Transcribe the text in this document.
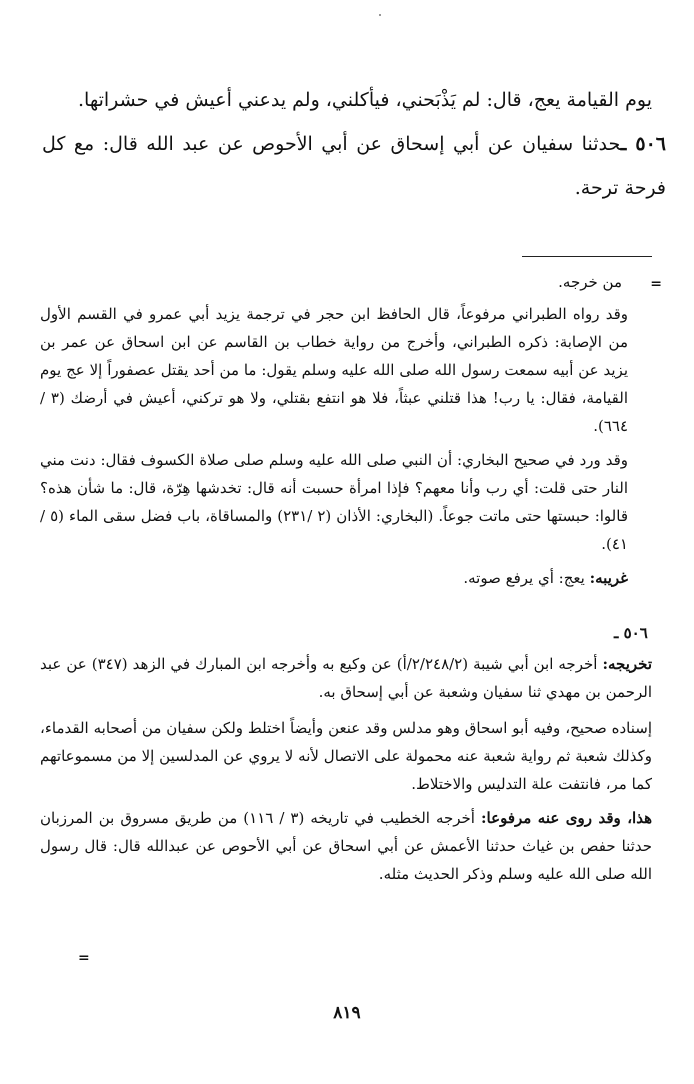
يوم القيامة يعج، قال: لم يَذْبَحني، فيأكلني، ولم يدعني أعيش في حشراتها.

٥٠٦ ـحدثنا سفيان عن أبي إسحاق عن أبي الأحوص عن عبد الله قال: مع كل فرحة ترحة.

=

من خرجه.

وقد رواه الطبراني مرفوعاً، قال الحافظ ابن حجر في ترجمة يزيد أبي عمرو في القسم الأول من الإصابة: ذكره الطبراني، وأخرج من رواية خطاب بن القاسم عن ابن اسحاق عن عمر بن يزيد عن أبيه سمعت رسول الله صلى الله عليه وسلم يقول: ما من أحد يقتل عصفوراً إلا عج يوم القيامة، فقال: يا رب! هذا قتلني عبثاً، فلا هو انتفع بقتلي، ولا هو تركني، أعيش في أرضك (٣ / ٦٦٤).

وقد ورد في صحيح البخاري: أن النبي صلى الله عليه وسلم صلى صلاة الكسوف فقال: دنت مني النار حتى قلت: أي رب وأنا معهم؟ فإذا امرأة حسبت أنه قال: تخدشها هِرّة، قال: ما شأن هذه؟ قالوا: حبستها حتى ماتت جوعاً. (البخاري: الأذان (٢ /٢٣١) والمساقاة، باب فضل سقى الماء (٥ /٤١).

غريبه: يعج: أي يرفع صوته.

٥٠٦ ـ

تخريجه: أخرجه ابن أبي شيبة (٢/٢٤٨/٢/أ) عن وكيع به وأخرجه ابن المبارك في الزهد (٣٤٧) عن عبد الرحمن بن مهدي ثنا سفيان وشعبة عن أبي إسحاق به.

إسناده صحيح، وفيه أبو اسحاق وهو مدلس وقد عنعن وأيضاً اختلط ولكن سفيان من أصحابه القدماء، وكذلك شعبة ثم رواية شعبة عنه محمولة على الاتصال لأنه لا يروي عن المدلسين إلا من مسموعاتهم كما مر، فانتفت علة التدليس والاختلاط.

هذا، وقد روى عنه مرفوعا: أخرجه الخطيب في تاريخه (٣ / ١١٦) من طريق مسروق بن المرزبان حدثنا حفص بن غياث حدثنا الأعمش عن أبي اسحاق عن أبي الأحوص عن عبدالله قال: قال رسول الله صلى الله عليه وسلم وذكر الحديث مثله.

=
٨١٩
